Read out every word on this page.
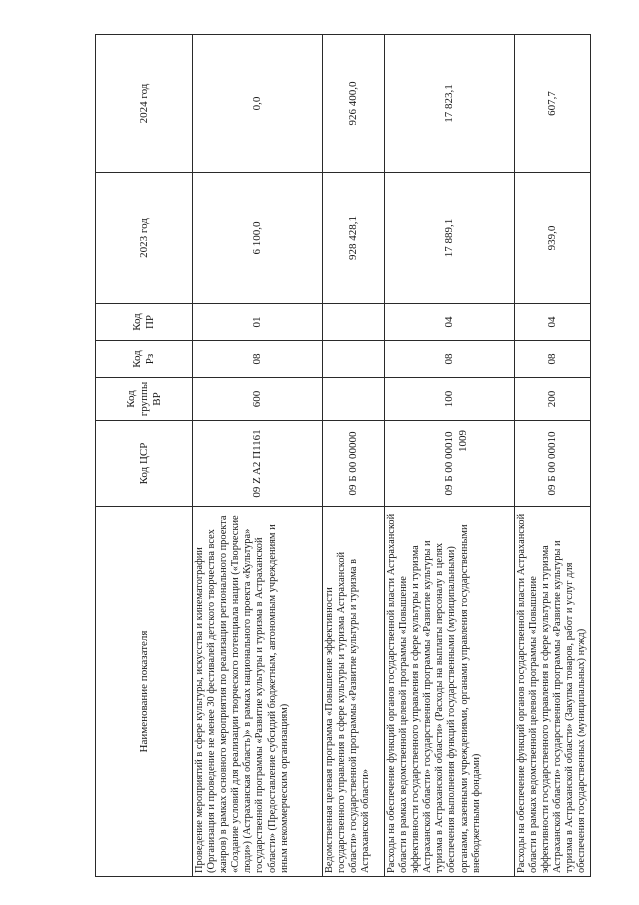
1009
Наименование показателя	Код ЦСР	Код группы ВР	Код Рз	Код ПР	2023 год	2024 год
Проведение мероприятий в сфере культуры, искусства и кинематографии (Организация и проведение не менее 30 фестивалей детского творчества всех жанров) в рамках основного мероприятия по реализации регионального проекта «Создание условий для реализации творческого потенциала нации («Творческие люди») (Астраханская область)» в рамках национального проекта «Культура» государственной программы «Развитие культуры и туризма в Астраханской области» (Предоставление субсидий бюджетным, автономным учреждениям и иным некоммерческим организациям)	09 Z A2 П1161	600	08	01	6 100,0	0,0
Ведомственная целевая программа «Повышение эффективности государственного управления в сфере культуры и туризма Астраханской области» государственной программы «Развитие культуры и туризма в Астраханской области»	09 Б 00 00000				928 428,1	926 400,0
Расходы на обеспечение функций органов государственной власти Астраханской области в рамках ведомственной целевой программы «Повышение эффективности государственного управления в сфере культуры и туризма Астраханской области» государственной программы «Развитие культуры и туризма в Астраханской области» (Расходы на выплаты персоналу в целях обеспечения выполнения функций государственными (муниципальными) органами, казенными учреждениями, органами управления государственными внебюджетными фондами)	09 Б 00 00010	100	08	04	17 889,1	17 823,1
Расходы на обеспечение функций органов государственной власти Астраханской области в рамках ведомственной целевой программы «Повышение эффективности государственного управления в сфере культуры и туризма Астраханской области» государственной программы «Развитие культуры и туризма в Астраханской области» (Закупка товаров, работ и услуг для обеспечения государственных (муниципальных) нужд)	09 Б 00 00010	200	08	04	939,0	607,7
